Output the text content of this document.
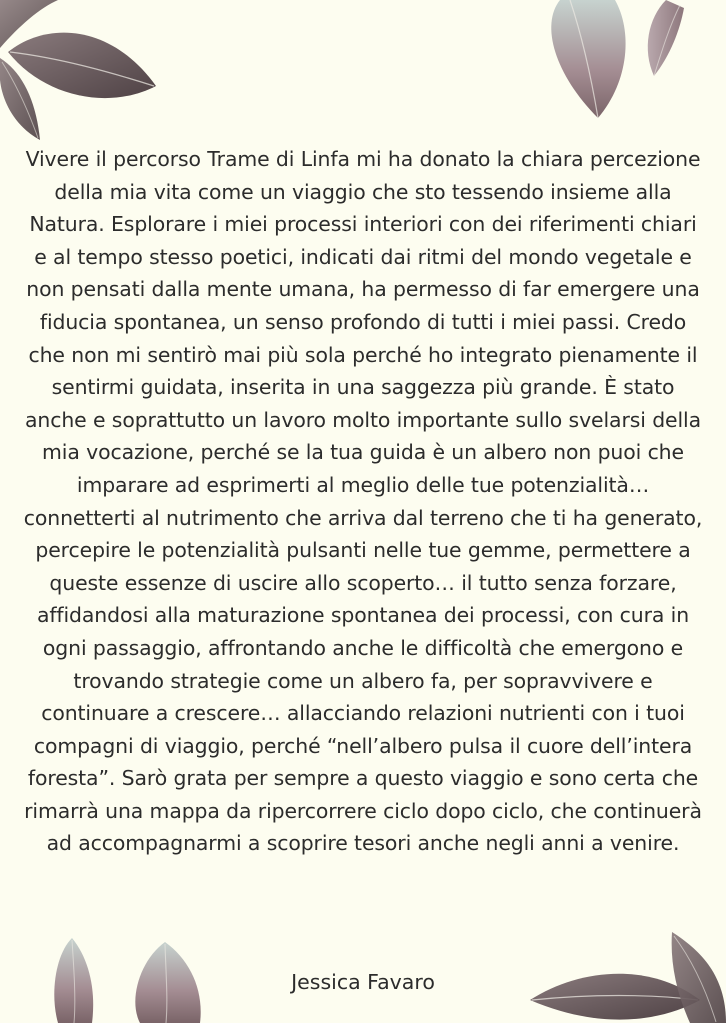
Vivere il percorso Trame di Linfa mi ha donato la chiara percezione della mia vita come un viaggio che sto tessendo insieme alla Natura. Esplorare i miei processi interiori con dei riferimenti chiari e al tempo stesso poetici, indicati dai ritmi del mondo vegetale e non pensati dalla mente umana, ha permesso di far emergere una fiducia spontanea, un senso profondo di tutti i miei passi. Credo che non mi sentirò mai più sola perché ho integrato pienamente il sentirmi guidata, inserita in una saggezza più grande. È stato anche e soprattutto un lavoro molto importante sullo svelarsi della mia vocazione, perché se la tua guida è un albero non puoi che imparare ad esprimerti al meglio delle tue potenzialità… connetterti al nutrimento che arriva dal terreno che ti ha generato, percepire le potenzialità pulsanti nelle tue gemme, permettere a queste essenze di uscire allo scoperto… il tutto senza forzare, affidandosi alla maturazione spontanea dei processi, con cura in ogni passaggio, affrontando anche le difficoltà che emergono e trovando strategie come un albero fa, per sopravvivere e continuare a crescere… allacciando relazioni nutrienti con i tuoi compagni di viaggio, perché “nell’albero pulsa il cuore dell’intera foresta”. Sarò grata per sempre a questo viaggio e sono certa che rimarrà una mappa da ripercorrere ciclo dopo ciclo, che continuerà ad accompagnarmi a scoprire tesori anche negli anni a venire.

Jessica Favaro
